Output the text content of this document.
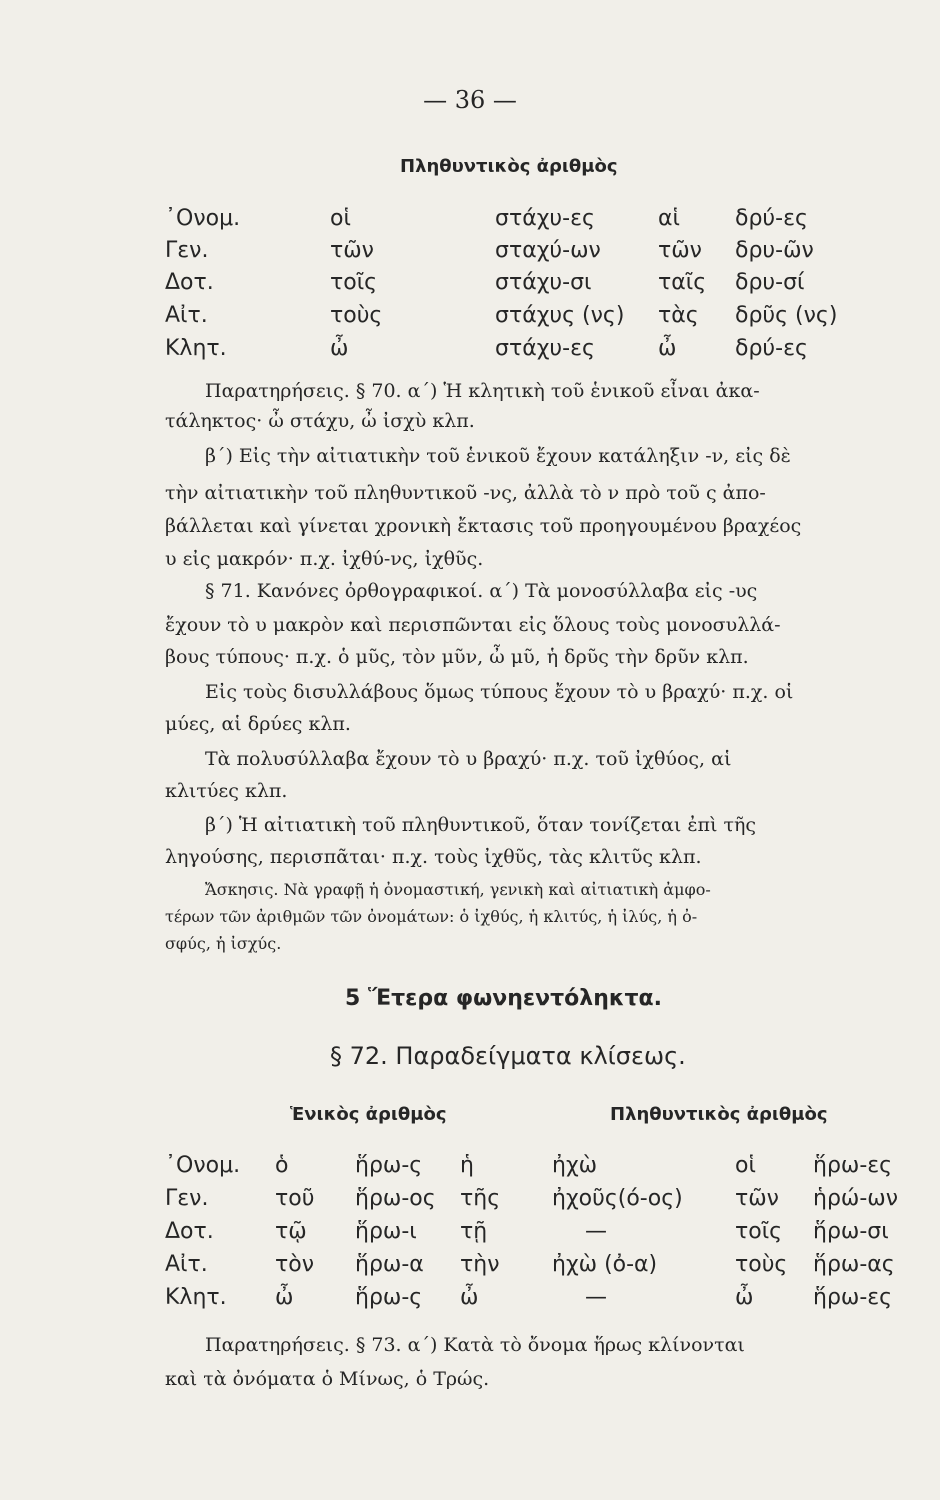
— 36 —
Πληθυντικὸς ἀριθμὸς
᾿Ονομ.	οἱ	στάχυ-ες	αἱ	δρύ-ες
Γεν.	τῶν	σταχύ-ων	τῶν δρυ-ῶν
Δοτ.	τοῖς	στάχυ-σι	ταῖς δρυ-σί
Αἰτ.	τοὺς	στάχυς (νς) τὰς δρῦς (νς)
Κλητ.	ὦ	στάχυ-ες	ὦ	δρύ-ες
Παρατηρήσεις. § 70. α΄) Ἡ κλητικὴ τοῦ ἑνικοῦ εἶναι ἀκα-
τάληκτος· ὦ στάχυ, ὦ ἰσχὺ κλπ.
β΄) Εἰς τὴν αἰτιατικὴν τοῦ ἑνικοῦ ἔχουν κατάληξιν -ν, εἰς δὲ
τὴν αἰτιατικὴν τοῦ πληθυντικοῦ -νς, ἀλλὰ τὸ ν πρὸ τοῦ ς ἀπο-
βάλλεται καὶ γίνεται χρονικὴ ἔκτασις τοῦ προηγουμένου βραχέος
υ εἰς μακρόν· π.χ. ἰχθύ-νς, ἰχθῦς.
§ 71. Κανόνες ὀρθογραφικοί. α΄) Τὰ μονοσύλλαβα εἰς -υς
ἔχουν τὸ υ μακρὸν καὶ περισπῶνται εἰς ὅλους τοὺς μονοσυλλά-
βους τύπους· π.χ. ὁ μῦς, τὸν μῦν, ὦ μῦ, ἡ δρῦς τὴν δρῦν κλπ.
Εἰς τοὺς δισυλλάβους ὅμως τύπους ἔχουν τὸ υ βραχύ· π.χ. οἱ
μύες, αἱ δρύες κλπ.
Τὰ πολυσύλλαβα ἔχουν τὸ υ βραχύ· π.χ. τοῦ ἰχθύος, αἱ
κλιτύες κλπ.
β΄) Ἡ αἰτιατικὴ τοῦ πληθυντικοῦ, ὅταν τονίζεται ἐπὶ τῆς
ληγούσης, περισπᾶται· π.χ. τοὺς ἰχθῦς, τὰς κλιτῦς κλπ.
Ἄσκησις. Νὰ γραφῇ ἡ ὀνομαστική, γενικὴ καὶ αἰτιατικὴ ἀμφο-
τέρων τῶν ἀριθμῶν τῶν ὀνομάτων: ὁ ἰχθύς, ἡ κλιτύς, ἡ ἰλύς, ἡ ὀ-
σφύς, ἡ ἰσχύς.
5 Ἕτερα φωνηεντόληκτα.
§ 72. Παραδείγματα κλίσεως.
Ἑνικὸς ἀριθμὸς	Πληθυντικὸς ἀριθμὸς
᾿Ονομ. ὁ	ἥρω-ς ἡ	ἠχὼ	οἱ	ἥρω-ες
Γεν.	τοῦ ἥρω-ος τῆς ἠχοῦς(ό-ος) τῶν ἡρώ-ων
Δοτ.	τῷ ἥρω-ι τῇ	—	τοῖς ἥρω-σι
Αἰτ.	τὸν ἥρω-α τὴν ἠχὼ (ὀ-α)	τοὺς ἥρω-ας
Κλητ. ὦ	ἥρω-ς ὦ	—	ὦ	ἥρω-ες
Παρατηρήσεις. § 73. α΄) Κατὰ τὸ ὄνομα ἥρως κλίνονται
καὶ τὰ ὀνόματα ὁ Μίνως, ὁ Τρώς.
